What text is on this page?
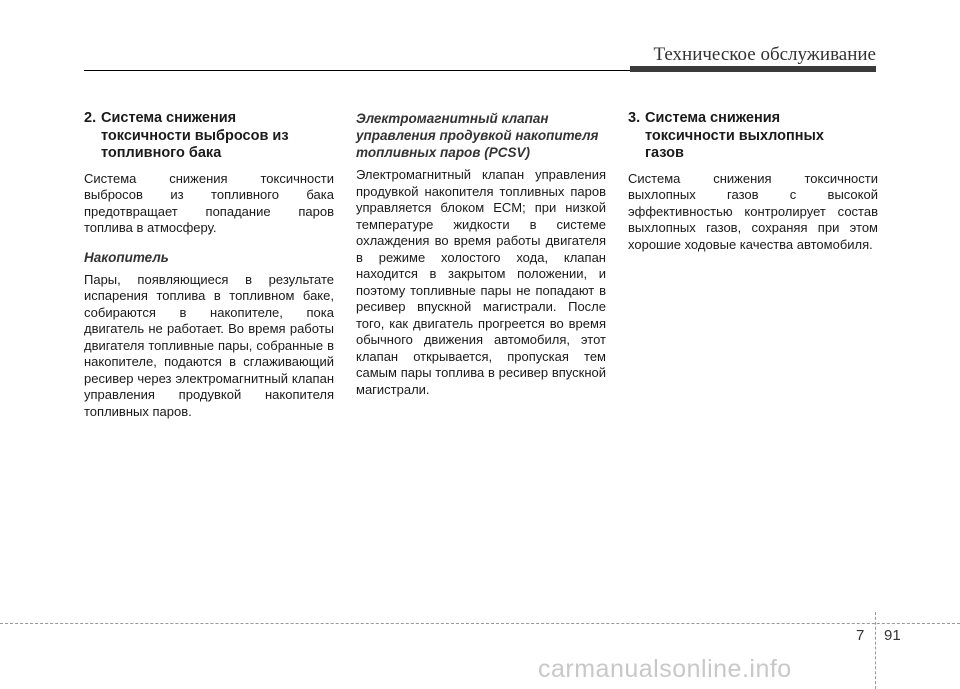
Техническое обслуживание
2. Система снижения
токсичности выбросов из
топливного бака

Система снижения токсичности выбросов из топливного бака предотвращает попадание паров топлива в атмосферу.

Накопитель

Пары, появляющиеся в результате испарения топлива в топливном баке, собираются в накопителе, пока двигатель не работает. Во время работы двигателя топливные пары, собранные в накопителе, подаются в сглаживающий ресивер через электромагнитный клапан управления продувкой накопителя топливных паров.

Электромагнитный клапан
управления продувкой накопителя
топливных паров (PCSV)

Электромагнитный клапан управления продувкой накопителя топливных паров управляется блоком ECM; при низкой температуре жидкости в системе охлаждения во время работы двигателя в режиме холостого хода, клапан находится в закрытом положении, и поэтому топливные пары не попадают в ресивер впускной магистрали. После того, как двигатель прогреется во время обычного движения автомобиля, этот клапан открывается, пропуская тем самым пары топлива в ресивер впускной магистрали.

3. Система снижения
токсичности выхлопных
газов

Система снижения токсичности выхлопных газов с высокой эффективностью контролирует состав выхлопных газов, сохраняя при этом хорошие ходовые качества автомобиля.

7 91
carmanualsonline.info
